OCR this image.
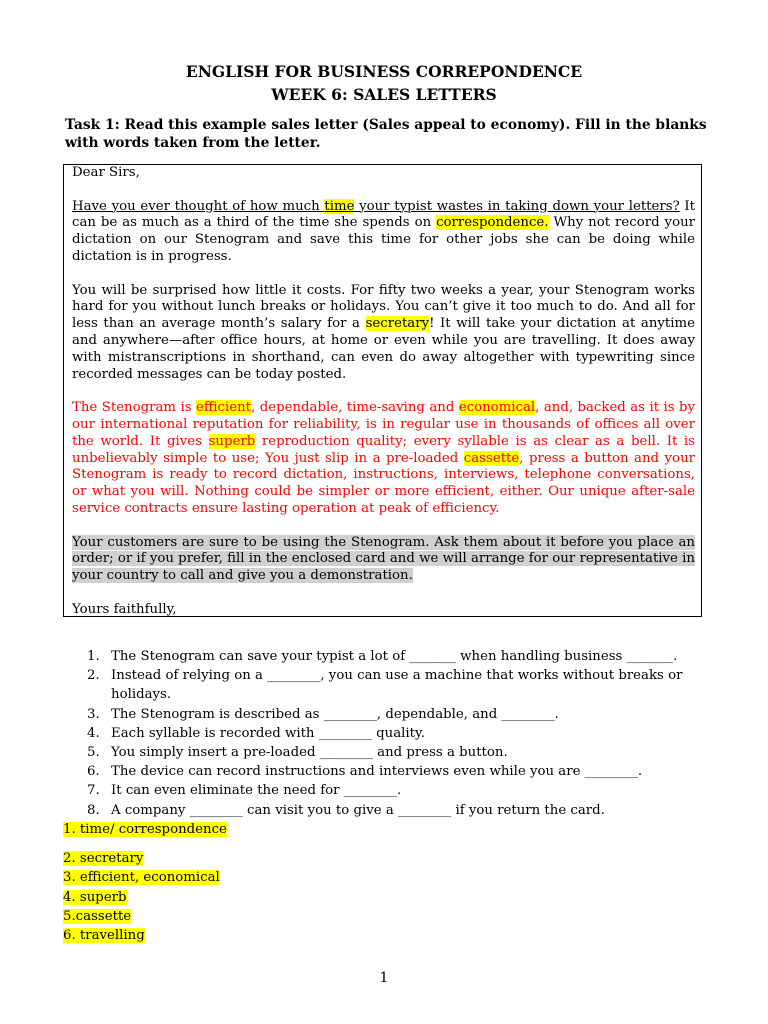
ENGLISH FOR BUSINESS CORREPONDENCE
WEEK 6: SALES LETTERS
Task 1: Read this example sales letter (Sales appeal to economy). Fill in the blanks with words taken from the letter.

Dear Sirs,

Have you ever thought of how much time your typist wastes in taking down your letters? It can be as much as a third of the time she spends on correspondence. Why not record your dictation on our Stenogram and save this time for other jobs she can be doing while dictation is in progress.

You will be surprised how little it costs. For fifty two weeks a year, your Stenogram works hard for you without lunch breaks or holidays. You can’t give it too much to do. And all for less than an average month’s salary for a secretary! It will take your dictation at anytime and anywhere—after office hours, at home or even while you are travelling. It does away with mistranscriptions in shorthand, can even do away altogether with typewriting since recorded messages can be today posted.

The Stenogram is efficient, dependable, time-saving and economical, and, backed as it is by our international reputation for reliability, is in regular use in thousands of offices all over the world. It gives superb reproduction quality; every syllable is as clear as a bell. It is unbelievably simple to use; You just slip in a pre-loaded cassette, press a button and your Stenogram is ready to record dictation, instructions, interviews, telephone conversations, or what you will. Nothing could be simpler or more efficient, either. Our unique after-sale service contracts ensure lasting operation at peak of efficiency.

Your customers are sure to be using the Stenogram. Ask them about it before you place an order; or if you prefer, fill in the enclosed card and we will arrange for our representative in your country to call and give you a demonstration.

Yours faithfully,

1. The Stenogram can save your typist a lot of _______ when handling business _______.
2. Instead of relying on a ________, you can use a machine that works without breaks or holidays.
3. The Stenogram is described as ________, dependable, and ________.
4. Each syllable is recorded with ________ quality.
5. You simply insert a pre-loaded ________ and press a button.
6. The device can record instructions and interviews even while you are ________.
7. It can even eliminate the need for ________.
8. A company ________ can visit you to give a ________ if you return the card.
1. time/ correspondence
2. secretary
3. efficient, economical
4. superb
5.cassette
6. travelling
1
